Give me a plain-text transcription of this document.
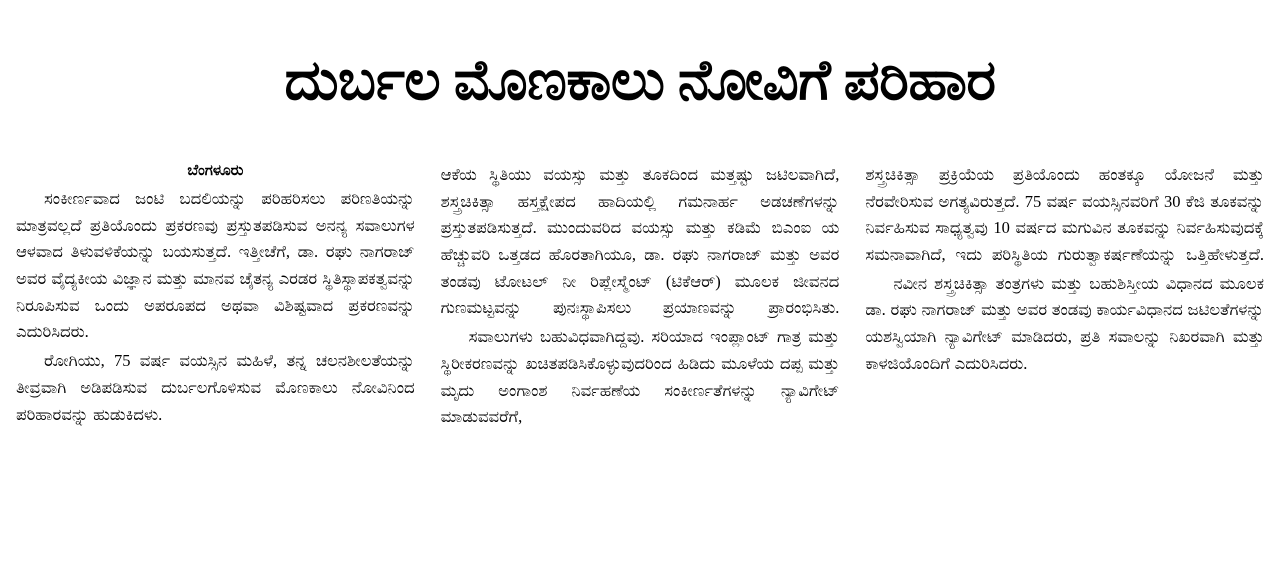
ದುರ್ಬಲ ಮೊಣಕಾಲು ನೋವಿಗೆ ಪರಿಹಾರ
ಬೆಂಗಳೂರು

ಸಂಕೀರ್ಣವಾದ ಜಂಟಿ ಬದಲಿಯನ್ನು ಪರಿಹರಿಸಲು ಪರಿಣತಿಯನ್ನು ಮಾತ್ರವಲ್ಲದೆ ಪ್ರತಿಯೊಂದು ಪ್ರಕರಣವು ಪ್ರಸ್ತುತಪಡಿಸುವ ಅನನ್ಯ ಸವಾಲುಗಳ ಆಳವಾದ ತಿಳುವಳಿಕೆಯನ್ನು ಬಯಸುತ್ತದೆ. ಇತ್ತೀಚೆಗೆ, ಡಾ. ರಘು ನಾಗರಾಜ್ ಅವರ ವೈದ್ಯಕೀಯ ವಿಜ್ಞಾನ ಮತ್ತು ಮಾನವ ಚೈತನ್ಯ ಎರಡರ ಸ್ಥಿತಿಸ್ಥಾಪಕತ್ವವನ್ನು ನಿರೂಪಿಸುವ ಒಂದು ಅಪರೂಪದ ಅಥವಾ ವಿಶಿಷ್ಟವಾದ ಪ್ರಕರಣವನ್ನು ಎದುರಿಸಿದರು.

ರೋಗಿಯು, 75 ವರ್ಷ ವಯಸ್ಸಿನ ಮಹಿಳೆ, ತನ್ನ ಚಲನಶೀಲತೆಯನ್ನು ತೀವ್ರವಾಗಿ ಅಡಿಪಡಿಸುವ ದುರ್ಬಲಗೊಳಿಸುವ ಮೊಣಕಾಲು ನೋವಿನಿಂದ ಪರಿಹಾರವನ್ನು ಹುಡುಕಿದಳು.

ಆಕೆಯ ಸ್ಥಿತಿಯು ವಯಸ್ಸು ಮತ್ತು ತೂಕದಿಂದ ಮತ್ತಷ್ಟು ಜಟಿಲವಾಗಿದೆ, ಶಸ್ತ್ರಚಿಕಿತ್ಸಾ ಹಸ್ತಕ್ಷೇಪದ ಹಾದಿಯಲ್ಲಿ ಗಮನಾರ್ಹ ಅಡಚಣೆಗಳನ್ನು ಪ್ರಸ್ತುತಪಡಿಸುತ್ತದೆ. ಮುಂದುವರಿದ ವಯಸ್ಸು ಮತ್ತು ಕಡಿಮೆ ಬಿಎಂಐ ಯ ಹೆಚ್ಚುವರಿ ಒತ್ತಡದ ಹೊರತಾಗಿಯೂ, ಡಾ. ರಘು ನಾಗರಾಜ್ ಮತ್ತು ಅವರ ತಂಡವು ಟೋಟಲ್ ನೀ ರಿಪ್ಲೇಸ್ಮೆಂಟ್ (ಟಿಕೆಆರ್) ಮೂಲಕ ಜೀವನದ ಗುಣಮಟ್ಟವನ್ನು ಪುನಃಸ್ಥಾಪಿಸಲು ಪ್ರಯಾಣವನ್ನು ಪ್ರಾರಂಭಿಸಿತು.

ಸವಾಲುಗಳು ಬಹುವಿಧವಾಗಿದ್ದವು. ಸರಿಯಾದ ಇಂಪ್ಲಾಂಟ್ ಗಾತ್ರ ಮತ್ತು ಸ್ಥಿರೀಕರಣವನ್ನು ಖಚಿತಪಡಿಸಿಕೊಳ್ಳುವುದರಿಂದ ಹಿಡಿದು ಮೂಳೆಯ ದಪ್ಪ ಮತ್ತು ಮೃದು ಅಂಗಾಂಶ ನಿರ್ವಹಣೆಯ ಸಂಕೀರ್ಣತೆಗಳನ್ನು ನ್ಯಾವಿಗೇಟ್ ಮಾಡುವವರೆಗೆ,

ಶಸ್ತ್ರಚಿಕಿತ್ಸಾ ಪ್ರಕ್ರಿಯೆಯ ಪ್ರತಿಯೊಂದು ಹಂತಕ್ಕೂ ಯೋಜನೆ ಮತ್ತು ನೆರವೇರಿಸುವ ಅಗತ್ಯವಿರುತ್ತದೆ. 75 ವರ್ಷ ವಯಸ್ಸಿನವರಿಗೆ 30 ಕೆಜಿ ತೂಕವನ್ನು ನಿರ್ವಹಿಸುವ ಸಾಧ್ಯತ್ವವು 10 ವರ್ಷದ ಮಗುವಿನ ತೂಕವನ್ನು ನಿರ್ವಹಿಸುವುದಕ್ಕೆ ಸಮನಾವಾಗಿದೆ, ಇದು ಪರಿಸ್ಥಿತಿಯ ಗುರುತ್ವಾಕರ್ಷಣೆಯನ್ನು ಒತ್ತಿಹೇಳುತ್ತದೆ.

ನವೀನ ಶಸ್ತ್ರಚಿಕಿತ್ಸಾ ತಂತ್ರಗಳು ಮತ್ತು ಬಹುಶಿಸ್ತೀಯ ವಿಧಾನದ ಮೂಲಕ ಡಾ. ರಘು ನಾಗರಾಜ್ ಮತ್ತು ಅವರ ತಂಡವು ಕಾರ್ಯವಿಧಾನದ ಜಟಿಲತೆಗಳನ್ನು ಯಶಸ್ವಿಯಾಗಿ ನ್ಯಾವಿಗೇಟ್ ಮಾಡಿದರು, ಪ್ರತಿ ಸವಾಲನ್ನು ನಿಖರವಾಗಿ ಮತ್ತು ಕಾಳಜಿಯೊಂದಿಗೆ ಎದುರಿಸಿದರು.
